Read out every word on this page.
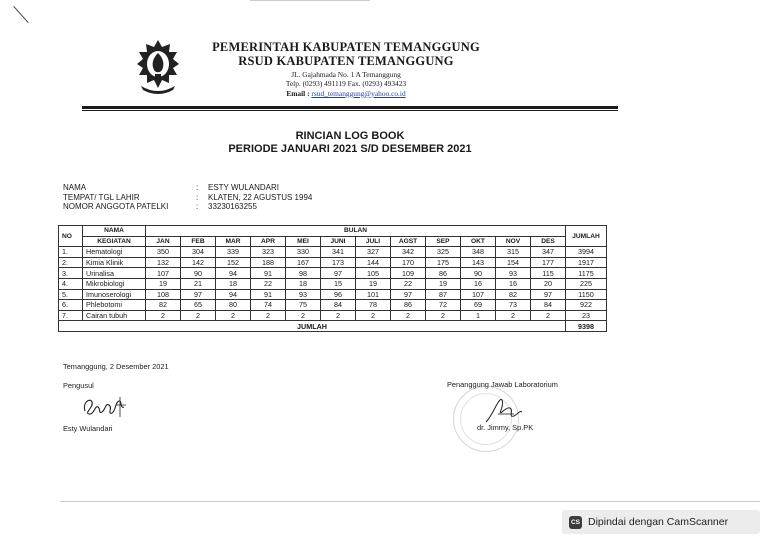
PEMERINTAH KABUPATEN TEMANGGUNG
RSUD KABUPATEN TEMANGGUNG
JL. Gajahmada No. 1 A Temanggung
Telp. (0293) 491119 Fax. (0293) 493423
Email : rsud_temanggung@yahoo.co.id
RINCIAN LOG BOOK
PERIODE JANUARI 2021 S/D DESEMBER 2021
NAMA	:	ESTY WULANDARI
TEMPAT/ TGL LAHIR	:	KLATEN, 22 AGUSTUS 1994
NOMOR ANGGOTA PATELKI	:	33230163255
NO	NAMA	BULAN												JUMLAH
	KEGIATAN	JAN	FEB	MAR	APR	MEI	JUNI	JULI	AGST	SEP	OKT	NOV	DES	
1.	Hematologi	350	304	339	323	330	341	327	342	325	348	315	347	3994
2.	Kimia Klinik	132	142	152	188	167	173	144	170	175	143	154	177	1917
3.	Urinalisa	107	90	94	91	98	97	105	109	86	90	93	115	1175
4.	Mikrobiologi	19	21	18	22	18	15	19	22	19	16	16	20	225
5.	Imunoserologi	108	97	94	91	93	96	101	97	87	107	82	97	1150
6.	Phlebotomi	82	65	80	74	75	84	78	86	72	69	73	84	922
7.	Cairan tubuh	2	2	2	2	2	2	2	2	2	1	2	2	23
JUMLAH														9398
Temanggung, 2 Desember 2021
Pengusul
Esty Wulandari
Penanggung Jawab Laboratorium
dr. Jimmy, Sp.PK
CS Dipindai dengan CamScanner
